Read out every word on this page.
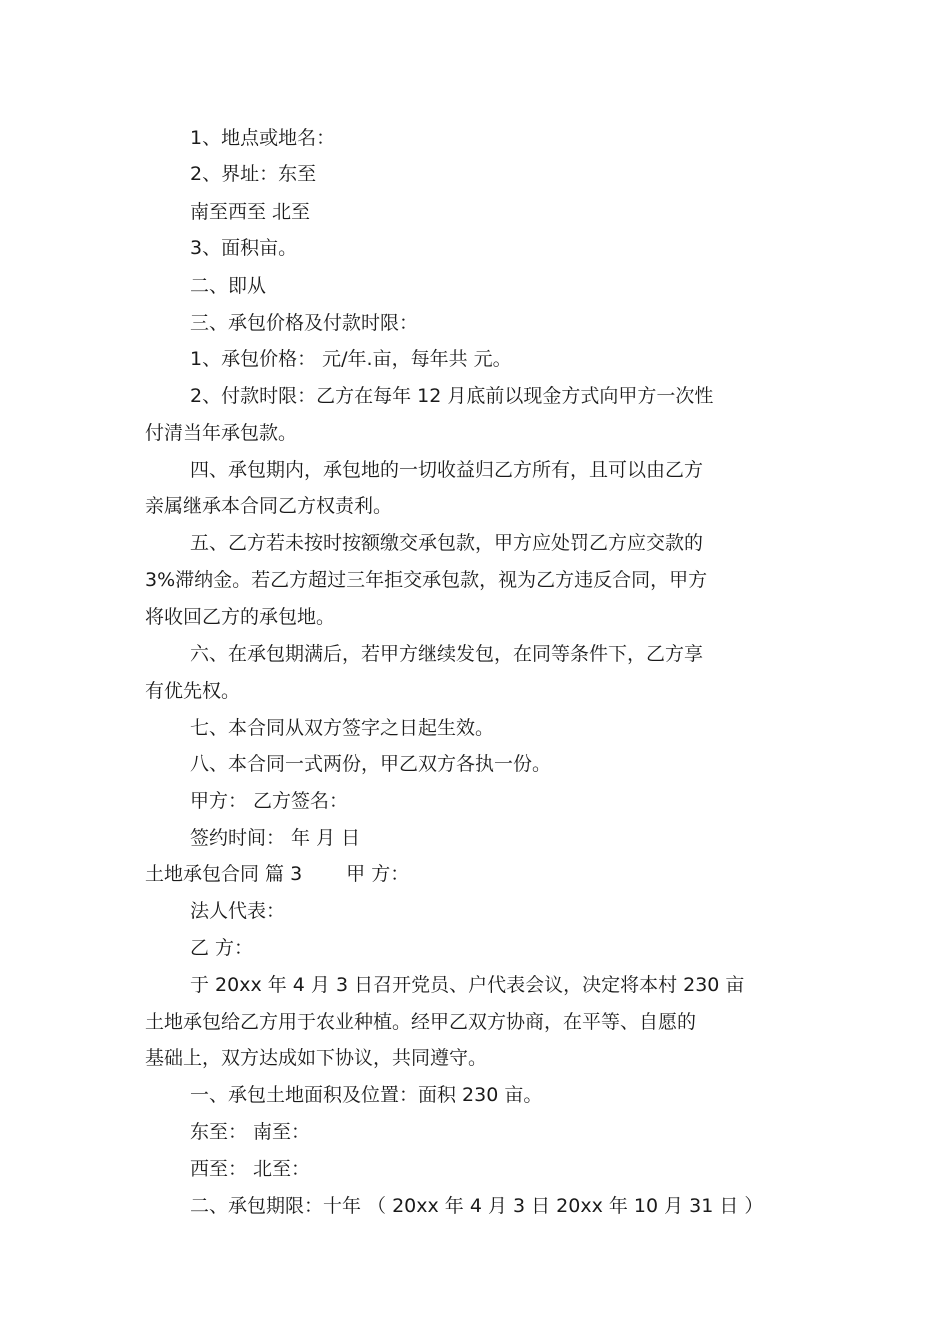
1、地点或地名：
2、界址：东至
南至西至 北至
3、面积亩。
二、即从
三、承包价格及付款时限：
1、承包价格： 元/年.亩，每年共 元。
2、付款时限：乙方在每年 12 月底前以现金方式向甲方一次性
付清当年承包款。
四、承包期内，承包地的一切收益归乙方所有，且可以由乙方
亲属继承本合同乙方权责利。
五、乙方若未按时按额缴交承包款，甲方应处罚乙方应交款的
3%滞纳金。若乙方超过三年拒交承包款，视为乙方违反合同，甲方
将收回乙方的承包地。
六、在承包期满后，若甲方继续发包，在同等条件下，乙方享
有优先权。
七、本合同从双方签字之日起生效。
八、本合同一式两份，甲乙双方各执一份。
甲方： 乙方签名：
签约时间： 年 月 日
土地承包合同 篇 3 甲 方：
法人代表：
乙 方：
于 20xx 年 4 月 3 日召开党员、户代表会议，决定将本村 230 亩
土地承包给乙方用于农业种植。经甲乙双方协商，在平等、自愿的
基础上，双方达成如下协议，共同遵守。
一、承包土地面积及位置：面积 230 亩。
东至： 南至：
西至： 北至：
二、承包期限：十年 （ 20xx 年 4 月 3 日 20xx 年 10 月 31 日 ）
